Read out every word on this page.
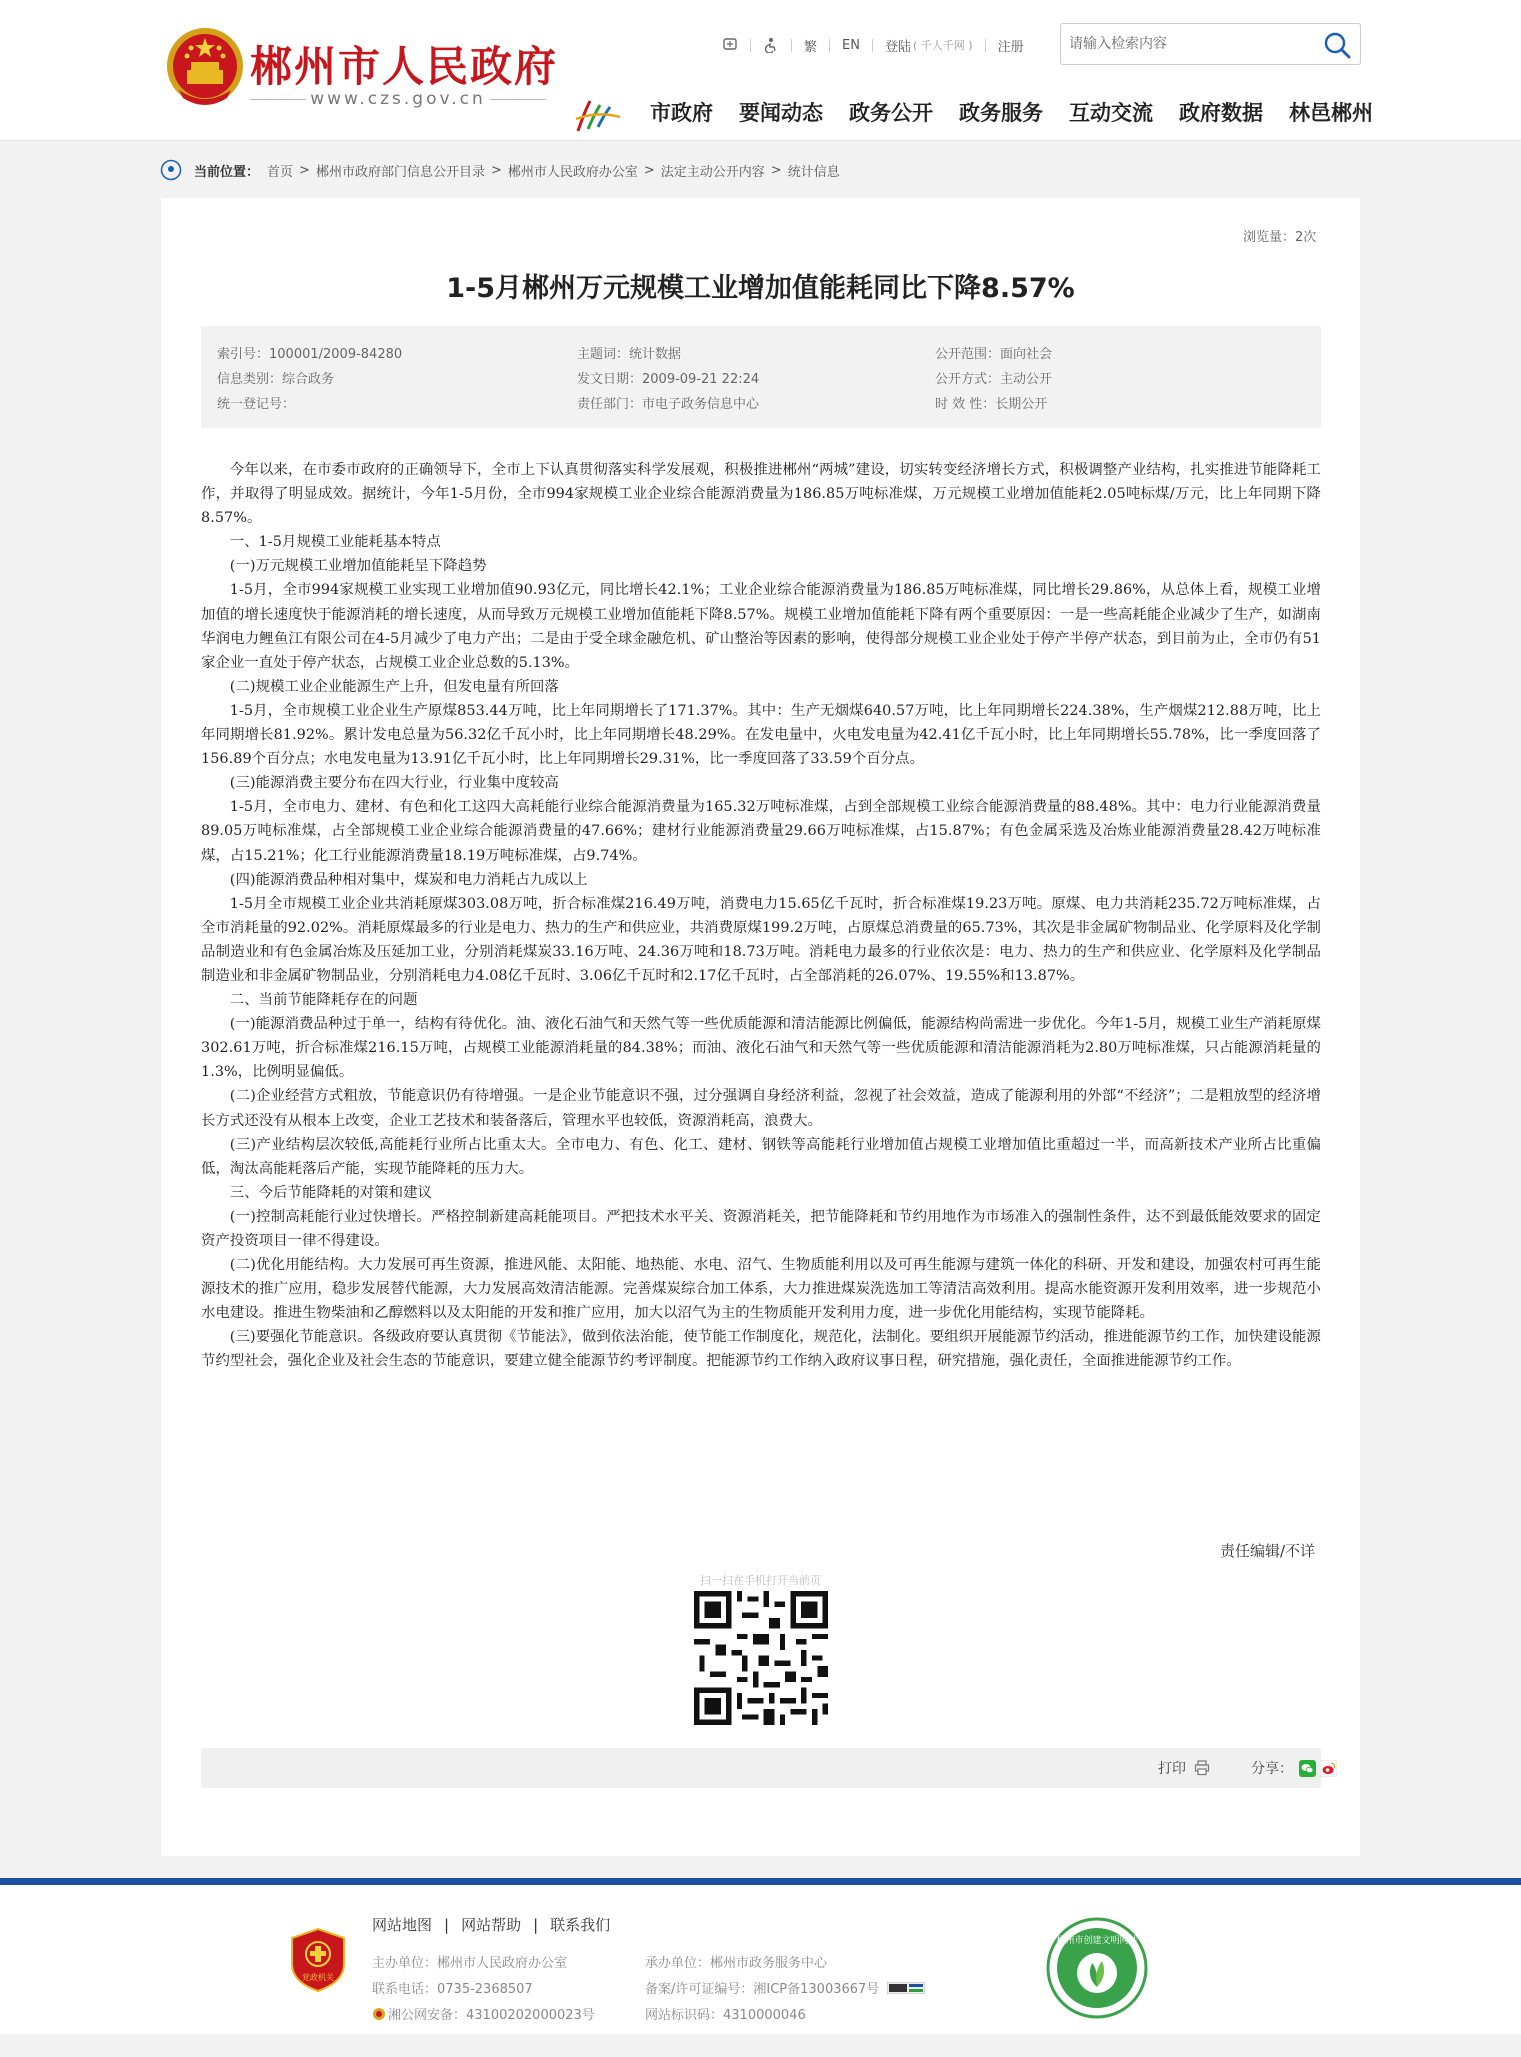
郴州市人民政府
www.czs.gov.cn
繁 EN 登陆 ( 千人千网 ) 注册
请输入检索内容
市政府 要闻动态 政务公开 政务服务 互动交流 政府数据 林邑郴州
当前位置： 首页 > 郴州市政府部门信息公开目录 > 郴州市人民政府办公室 > 法定主动公开内容 > 统计信息
浏览量：2次
1-5月郴州万元规模工业增加值能耗同比下降8.57%
索引号：100001/2009-84280
信息类别：综合政务
统一登记号：
主题词：统计数据
发文日期：2009-09-21 22:24
责任部门：市电子政务信息中心
公开范围：面向社会
公开方式：主动公开
时 效 性：长期公开

今年以来，在市委市政府的正确领导下，全市上下认真贯彻落实科学发展观，积极推进郴州“两城”建设，切实转变经济增长方式，积极调整产业结构，扎实推进节能降耗工作，并取得了明显成效。据统计，今年1-5月份，全市994家规模工业企业综合能源消费量为186.85万吨标准煤，万元规模工业增加值能耗2.05吨标煤/万元，比上年同期下降8.57%。

一、1-5月规模工业能耗基本特点

(一)万元规模工业增加值能耗呈下降趋势

1-5月，全市994家规模工业实现工业增加值90.93亿元，同比增长42.1%；工业企业综合能源消费量为186.85万吨标准煤，同比增长29.86%，从总体上看，规模工业增加值的增长速度快于能源消耗的增长速度，从而导致万元规模工业增加值能耗下降8.57%。规模工业增加值能耗下降有两个重要原因：一是一些高耗能企业减少了生产，如湖南华润电力鲤鱼江有限公司在4-5月减少了电力产出；二是由于受全球金融危机、矿山整治等因素的影响，使得部分规模工业企业处于停产半停产状态，到目前为止，全市仍有51家企业一直处于停产状态，占规模工业企业总数的5.13%。

(二)规模工业企业能源生产上升，但发电量有所回落

1-5月，全市规模工业企业生产原煤853.44万吨，比上年同期增长了171.37%。其中：生产无烟煤640.57万吨，比上年同期增长224.38%，生产烟煤212.88万吨，比上年同期增长81.92%。累计发电总量为56.32亿千瓦小时，比上年同期增长48.29%。在发电量中，火电发电量为42.41亿千瓦小时，比上年同期增长55.78%，比一季度回落了156.89个百分点；水电发电量为13.91亿千瓦小时，比上年同期增长29.31%，比一季度回落了33.59个百分点。

(三)能源消费主要分布在四大行业，行业集中度较高

1-5月，全市电力、建材、有色和化工这四大高耗能行业综合能源消费量为165.32万吨标准煤，占到全部规模工业综合能源消费量的88.48%。其中：电力行业能源消费量89.05万吨标准煤，占全部规模工业企业综合能源消费量的47.66%；建材行业能源消费量29.66万吨标准煤，占15.87%；有色金属采选及冶炼业能源消费量28.42万吨标准煤，占15.21%；化工行业能源消费量18.19万吨标准煤，占9.74%。

(四)能源消费品种相对集中，煤炭和电力消耗占九成以上

1-5月全市规模工业企业共消耗原煤303.08万吨，折合标准煤216.49万吨，消费电力15.65亿千瓦时，折合标准煤19.23万吨。原煤、电力共消耗235.72万吨标准煤，占全市消耗量的92.02%。消耗原煤最多的行业是电力、热力的生产和供应业，共消费原煤199.2万吨，占原煤总消费量的65.73%，其次是非金属矿物制品业、化学原料及化学制品制造业和有色金属冶炼及压延加工业，分别消耗煤炭33.16万吨、24.36万吨和18.73万吨。消耗电力最多的行业依次是：电力、热力的生产和供应业、化学原料及化学制品制造业和非金属矿物制品业，分别消耗电力4.08亿千瓦时、3.06亿千瓦时和2.17亿千瓦时，占全部消耗的26.07%、19.55%和13.87%。

二、当前节能降耗存在的问题

(一)能源消费品种过于单一，结构有待优化。油、液化石油气和天然气等一些优质能源和清洁能源比例偏低，能源结构尚需进一步优化。今年1-5月，规模工业生产消耗原煤302.61万吨，折合标准煤216.15万吨，占规模工业能源消耗量的84.38%；而油、液化石油气和天然气等一些优质能源和清洁能源消耗为2.80万吨标准煤，只占能源消耗量的1.3%，比例明显偏低。

(二)企业经营方式粗放，节能意识仍有待增强。一是企业节能意识不强，过分强调自身经济利益，忽视了社会效益，造成了能源利用的外部“不经济”；二是粗放型的经济增长方式还没有从根本上改变，企业工艺技术和装备落后，管理水平也较低，资源消耗高，浪费大。

(三)产业结构层次较低,高能耗行业所占比重太大。全市电力、有色、化工、建材、钢铁等高能耗行业增加值占规模工业增加值比重超过一半，而高新技术产业所占比重偏低，淘汰高能耗落后产能，实现节能降耗的压力大。

三、今后节能降耗的对策和建议

(一)控制高耗能行业过快增长。严格控制新建高耗能项目。严把技术水平关、资源消耗关，把节能降耗和节约用地作为市场准入的强制性条件，达不到最低能效要求的固定资产投资项目一律不得建设。

(二)优化用能结构。大力发展可再生资源，推进风能、太阳能、地热能、水电、沼气、生物质能利用以及可再生能源与建筑一体化的科研、开发和建设，加强农村可再生能源技术的推广应用，稳步发展替代能源，大力发展高效清洁能源。完善煤炭综合加工体系，大力推进煤炭洗选加工等清洁高效利用。提高水能资源开发利用效率，进一步规范小水电建设。推进生物柴油和乙醇燃料以及太阳能的开发和推广应用，加大以沼气为主的生物质能开发利用力度，进一步优化用能结构，实现节能降耗。

(三)要强化节能意识。各级政府要认真贯彻《节能法》，做到依法治能，使节能工作制度化，规范化，法制化。要组织开展能源节约活动，推进能源节约工作，加快建设能源节约型社会，强化企业及社会生态的节能意识，要建立健全能源节约考评制度。把能源节约工作纳入政府议事日程，研究措施，强化责任，全面推进能源节约工作。

责任编辑/不详
扫一扫在手机打开当前页
打印	分享：
党政机关
网站地图 | 网站帮助 | 联系我们
主办单位：郴州市人民政府办公室
联系电话：0735-2368507
湘公网安备：43100202000023号
承办单位：郴州市政务服务中心
备案/许可证编号：湘ICP备13003667号
网站标识码：4310000046
郴州市创建文明网站
